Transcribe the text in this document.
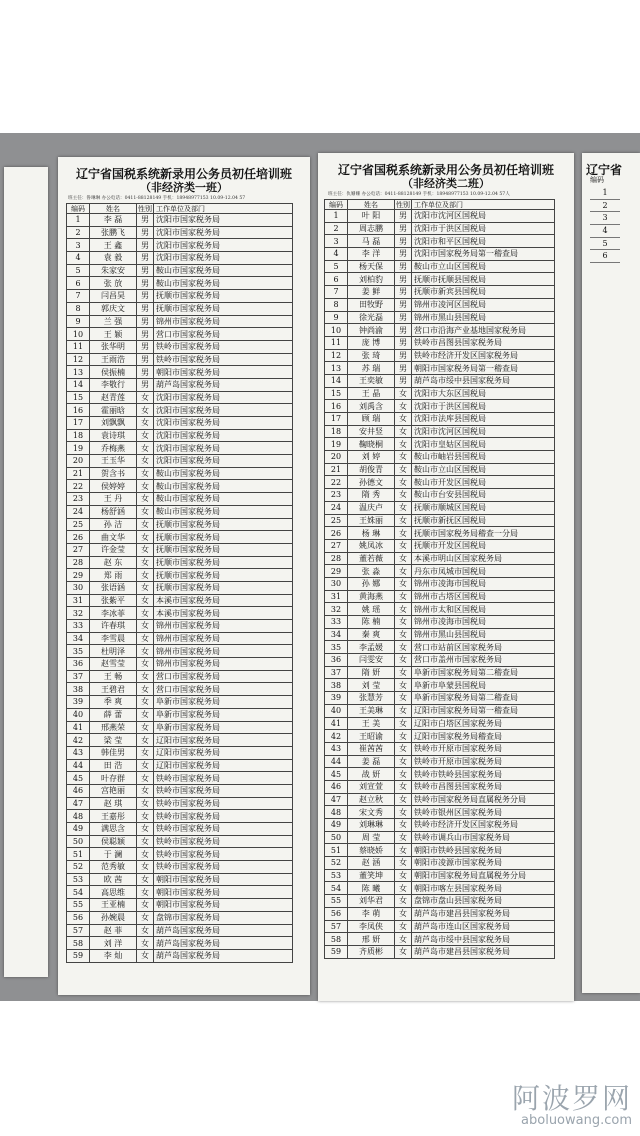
辽宁省国税系统新录用公务员初任培训班
（非经济类一班）
班主任：鲁琳琳 办公电话：0411-88128149 手机：18948977153 10.09-12.04 57
编码	姓名	性别	工作单位及部门
1	李 磊	男	沈阳市国家税务局
2	张鹏飞	男	沈阳市国家税务局
3	王 鑫	男	沈阳市国家税务局
4	袁 毅	男	沈阳市国家税务局
5	朱家安	男	鞍山市国家税务局
6	张 放	男	鞍山市国家税务局
7	闫昌昊	男	抚顺市国家税务局
8	郭庆文	男	抚顺市国家税务局
9	兰 强	男	锦州市国家税务局
10	王 颖	男	营口市国家税务局
11	张华明	男	铁岭市国家税务局
12	王雨浩	男	铁岭市国家税务局
13	侯振楠	男	朝阳市国家税务局
14	李敬行	男	葫芦岛国家税务局
15	赵青莲	女	沈阳市国家税务局
16	霍丽晗	女	沈阳市国家税务局
17	刘飘飘	女	沈阳市国家税务局
18	袁诗琪	女	沈阳市国家税务局
19	乔梅燕	女	沈阳市国家税务局
20	王玉华	女	沈阳市国家税务局
21	贺含书	女	鞍山市国家税务局
22	侯婷婷	女	鞍山市国家税务局
23	王 丹	女	鞍山市国家税务局
24	杨舒涵	女	鞍山市国家税务局
25	孙 洁	女	抚顺市国家税务局
26	曲文华	女	抚顺市国家税务局
27	许金莹	女	抚顺市国家税务局
28	赵 东	女	抚顺市国家税务局
29	郑 雨	女	抚顺市国家税务局
30	张语涵	女	抚顺市国家税务局
31	张紫平	女	本溪市国家税务局
32	李冰菲	女	本溪市国家税务局
33	许春琪	女	锦州市国家税务局
34	李雪晨	女	锦州市国家税务局
35	杜明泽	女	锦州市国家税务局
36	赵雪莹	女	锦州市国家税务局
37	王 畅	女	营口市国家税务局
38	王碧君	女	营口市国家税务局
39	季 爽	女	阜新市国家税务局
40	薛 蕾	女	阜新市国家税务局
41	邢燕荣	女	阜新市国家税务局
42	梁 莹	女	辽阳市国家税务局
43	韩佳男	女	辽阳市国家税务局
44	田 浩	女	辽阳市国家税务局
45	叶存群	女	铁岭市国家税务局
46	宫艳丽	女	铁岭市国家税务局
47	赵 琪	女	铁岭市国家税务局
48	王嘉彤	女	铁岭市国家税务局
49	满思含	女	铁岭市国家税务局
50	侯聪颖	女	铁岭市国家税务局
51	于 澜	女	铁岭市国家税务局
52	范秀敏	女	铁岭市国家税务局
53	欧 茜	女	朝阳市国家税务局
54	高思维	女	朝阳市国家税务局
55	王亚楠	女	朝阳市国家税务局
56	孙婉晨	女	盘锦市国家税务局
57	赵 菲	女	葫芦岛国家税务局
58	刘 洋	女	葫芦岛国家税务局
59	李 灿	女	葫芦岛国家税务局
辽宁省国税系统新录用公务员初任培训班
（非经济类二班）
班主任：仇姗姗 办公电话：0411-88128149 手机：18948977153 10.09-12.04 57人
编码	姓名	性别	工作单位及部门
1	叶 阳	男	沈阳市沈河区国税局
2	周志鹏	男	沈阳市于洪区国税局
3	马 磊	男	沈阳市和平区国税局
4	李 洋	男	沈阳市国家税务局第一稽查局
5	杨天保	男	鞍山市立山区国税局
6	刘柏豹	男	抚顺市抚顺县国税局
7	姜 鲜	男	抚顺市新宾县国税局
8	田牧野	男	锦州市凌河区国税局
9	徐光磊	男	锦州市黑山县国税局
10	钟尚渝	男	营口市沿海产业基地国家税务局
11	庞 博	男	铁岭市昌图县国家税务局
12	张 琦	男	铁岭市经济开发区国家税务局
13	苏 瑞	男	朝阳市国家税务局第一稽查局
14	王奕敏	男	葫芦岛市绥中县国家税务局
15	王 晶	女	沈阳市大东区国税局
16	刘禹含	女	沈阳市于洪区国税局
17	顾 瑞	女	沈阳市法库县国税局
18	安井竖	女	沈阳市沈河区国税局
19	鞠晓桐	女	沈阳市皇姑区国税局
20	刘 婷	女	鞍山市岫岩县国税局
21	胡俊青	女	鞍山市立山区国税局
22	孙德文	女	鞍山市开发区国税局
23	隋 秀	女	鞍山市台安县国税局
24	温庆卢	女	抚顺市顺城区国税局
25	王姝丽	女	抚顺市新抚区国税局
26	杨 琳	女	抚顺市国家税务局稽查一分局
27	姚凤冰	女	抚顺市开发区国税局
28	董若薇	女	本溪市明山区国家税务局
29	张 淼	女	丹东市凤城市国税局
30	孙 娜	女	锦州市凌海市国税局
31	黄海燕	女	锦州市古塔区国税局
32	姚 瑶	女	锦州市太和区国税局
33	陈 楠	女	锦州市凌海市国税局
34	秦 爽	女	锦州市黑山县国税局
35	李孟媛	女	营口市站前区国家税务局
36	闫雯安	女	营口市盖州市国家税务局
37	隋 妍	女	阜新市国家税务局第二稽查局
38	刘 莹	女	阜新市阜蒙县国税局
39	张慧芳	女	阜新市国家税务局第二稽查局
40	王美琳	女	辽阳市国家税务局第一稽查局
41	王 美	女	辽阳市白塔区国家税务局
42	王昭谕	女	辽阳市国家税务局稽查局
43	崔茜茜	女	铁岭市开原市国家税务局
44	姜 磊	女	铁岭市开原市国家税务局
45	战 妍	女	铁岭市铁岭县国家税务局
46	刘宣萱	女	铁岭市昌图县国家税务局
47	赵立秋	女	铁岭市国家税务局直属税务分局
48	宋文秀	女	铁岭市银州区国家税务局
49	刘琳琳	女	铁岭市经济开发区国家税务局
50	周 莹	女	铁岭市调兵山市国家税务局
51	蔡晓娇	女	朝阳市铁岭县国家税务局
52	赵 涵	女	朝阳市凌源市国家税务局
53	董笑坤	女	朝阳市国家税务局直属税务分局
54	陈 曦	女	朝阳市喀左县国家税务局
55	刘华君	女	盘锦市盘山县国家税务局
56	李 萌	女	葫芦岛市建昌县国家税务局
57	李凤侠	女	葫芦岛市连山区国家税务局
58	邢 妍	女	葫芦岛市绥中县国家税务局
59	齐质彬	女	葫芦岛市建昌县国家税务局
辽宁省
编码
1
2
3
4
5
6
阿波罗网
aboluowang.com
